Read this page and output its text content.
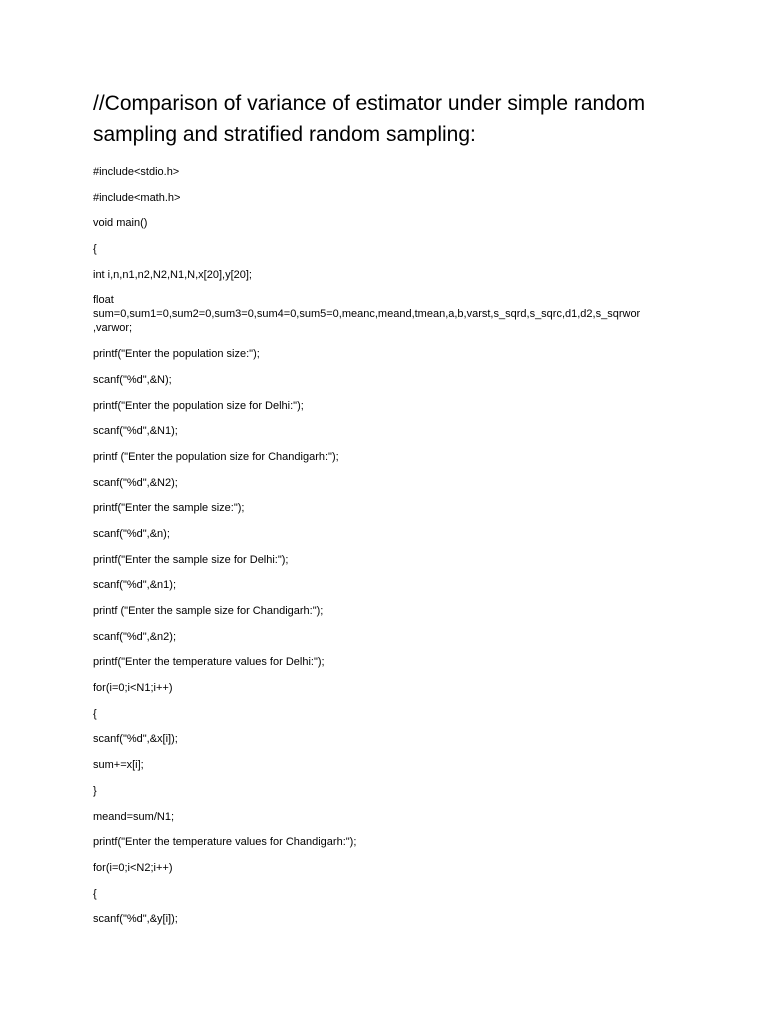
//Comparison of variance of estimator under simple random sampling and stratified random sampling:
#include<stdio.h>
#include<math.h>
void main()
{
int i,n,n1,n2,N2,N1,N,x[20],y[20];
float
sum=0,sum1=0,sum2=0,sum3=0,sum4=0,sum5=0,meanc,meand,tmean,a,b,varst,s_sqrd,s_sqrc,d1,d2,s_sqrwor
,varwor;
printf("Enter the population size:");
scanf("%d",&N);
printf("Enter the population size for Delhi:");
scanf("%d",&N1);
printf ("Enter the population size for Chandigarh:");
scanf("%d",&N2);
printf("Enter the sample size:");
scanf("%d",&n);
printf("Enter the sample size for Delhi:");
scanf("%d",&n1);
printf ("Enter the sample size for Chandigarh:");
scanf("%d",&n2);
printf("Enter the temperature values for Delhi:");
for(i=0;i<N1;i++)
{
scanf("%d",&x[i]);
sum+=x[i];
}
meand=sum/N1;
printf("Enter the temperature values for Chandigarh:");
for(i=0;i<N2;i++)
{
scanf("%d",&y[i]);
